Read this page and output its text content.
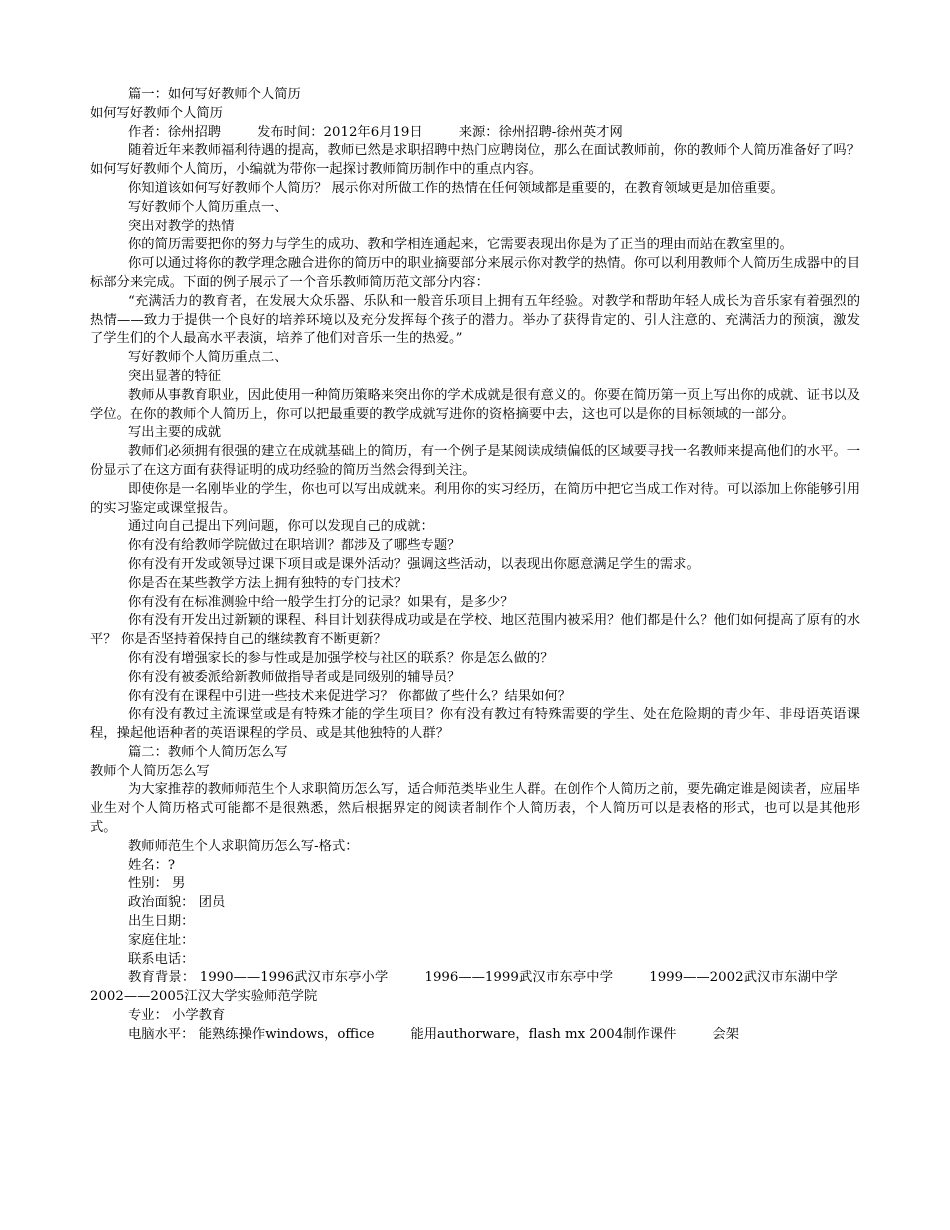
篇一：如何写好教师个人简历

如何写好教师个人简历

作者：徐州招聘	发布时间：2012年6月19日	来源：徐州招聘-徐州英才网

随着近年来教师福利待遇的提高，教师已然是求职招聘中热门应聘岗位，那么在面试教师前，你的教师个人简历准备好了吗？如何写好教师个人简历，小编就为带你一起探讨教师简历制作中的重点内容。

你知道该如何写好教师个人简历？ 展示你对所做工作的热情在任何领域都是重要的，在教育领域更是加倍重要。

写好教师个人简历重点一、

突出对教学的热情

你的简历需要把你的努力与学生的成功、教和学相连通起来，它需要表现出你是为了正当的理由而站在教室里的。

你可以通过将你的教学理念融合进你的简历中的职业摘要部分来展示你对教学的热情。你可以利用教师个人简历生成器中的目标部分来完成。下面的例子展示了一个音乐教师简历范文部分内容：

“充满活力的教育者，在发展大众乐器、乐队和一般音乐项目上拥有五年经验。对教学和帮助年轻人成长为音乐家有着强烈的热情——致力于提供一个良好的培养环境以及充分发挥每个孩子的潜力。举办了获得肯定的、引人注意的、充满活力的预演，激发了学生们的个人最高水平表演，培养了他们对音乐一生的热爱。”

写好教师个人简历重点二、

突出显著的特征

教师从事教育职业，因此使用一种简历策略来突出你的学术成就是很有意义的。你要在简历第一页上写出你的成就、证书以及学位。在你的教师个人简历上，你可以把最重要的教学成就写进你的资格摘要中去，这也可以是你的目标领域的一部分。

写出主要的成就

教师们必须拥有很强的建立在成就基础上的简历，有一个例子是某阅读成绩偏低的区域要寻找一名教师来提高他们的水平。一份显示了在这方面有获得证明的成功经验的简历当然会得到关注。

即使你是一名刚毕业的学生，你也可以写出成就来。利用你的实习经历，在简历中把它当成工作对待。可以添加上你能够引用的实习鉴定或课堂报告。

通过向自己提出下列问题，你可以发现自己的成就：

你有没有给教师学院做过在职培训？都涉及了哪些专题？

你有没有开发或领导过课下项目或是课外活动？强调这些活动，以表现出你愿意满足学生的需求。

你是否在某些教学方法上拥有独特的专门技术？

你有没有在标准测验中给一般学生打分的记录？如果有，是多少？

你有没有开发出过新颖的课程、科目计划获得成功或是在学校、地区范围内被采用？他们都是什么？他们如何提高了原有的水平？ 你是否坚持着保持自己的继续教育不断更新？

你有没有增强家长的参与性或是加强学校与社区的联系？你是怎么做的？

你有没有被委派给新教师做指导者或是同级别的辅导员？

你有没有在课程中引进一些技术来促进学习？ 你都做了些什么？结果如何？

你有没有教过主流课堂或是有特殊才能的学生项目？你有没有教过有特殊需要的学生、处在危险期的青少年、非母语英语课程，操起他语种者的英语课程的学员、或是其他独特的人群？

篇二：教师个人简历怎么写

教师个人简历怎么写

为大家推荐的教师师范生个人求职简历怎么写，适合师范类毕业生人群。在创作个人简历之前，要先确定谁是阅读者，应届毕业生对个人简历格式可能都不是很熟悉，然后根据界定的阅读者制作个人简历表，个人简历可以是表格的形式，也可以是其他形式。

教师师范生个人求职简历怎么写-格式：

姓名：?

性别： 男

政治面貌： 团员

出生日期：

家庭住址：

联系电话：

教育背景： 1990——1996武汉市东亭小学	1996——1999武汉市东亭中学	1999——2002武汉市东湖中学2002——2005江汉大学实验师范学院

专业： 小学教育

电脑水平： 能熟练操作windows，office	能用authorware，flash mx 2004制作课件	会架
